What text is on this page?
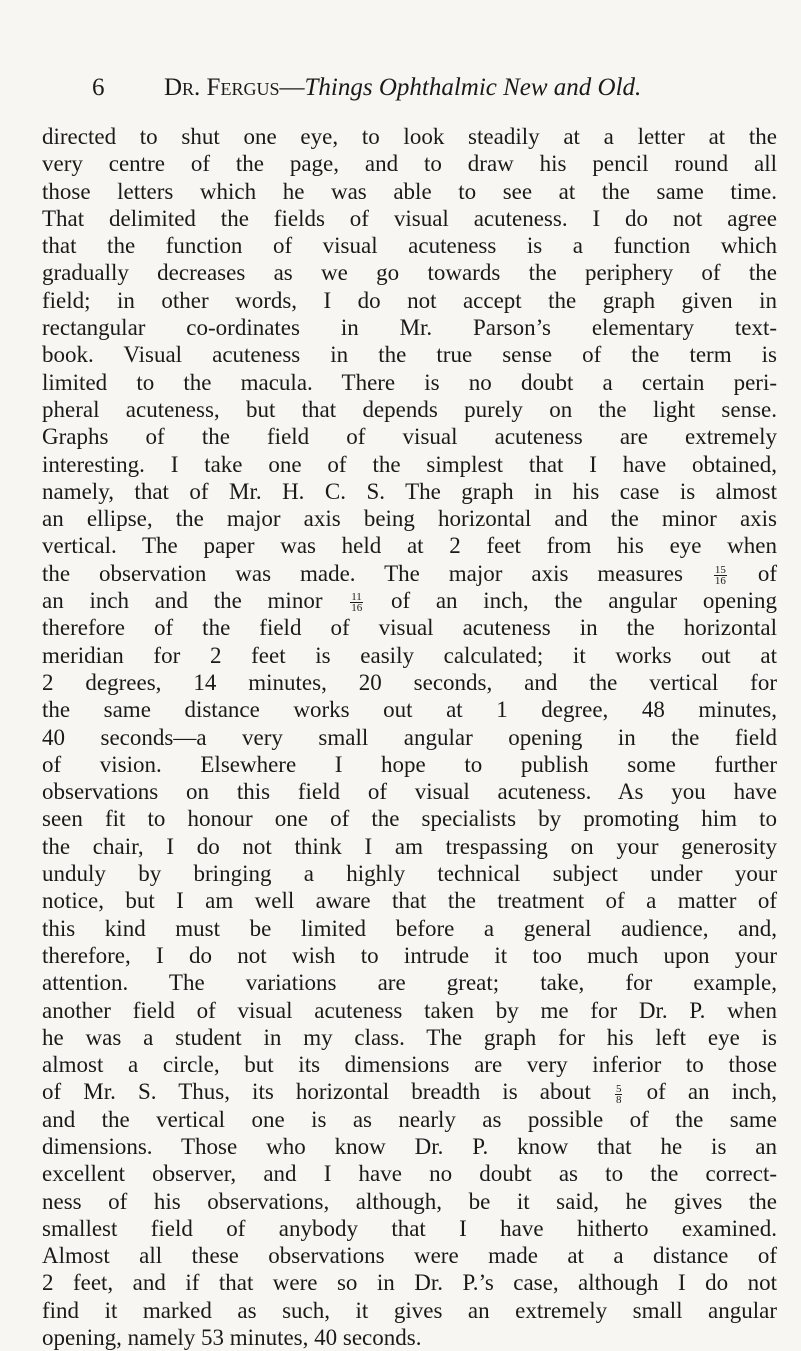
6 Dr. Fergus—Things Ophthalmic New and Old.
directed to shut one eye, to look steadily at a letter at the
very centre of the page, and to draw his pencil round all
those letters which he was able to see at the same time.
That delimited the fields of visual acuteness. I do not agree
that the function of visual acuteness is a function which
gradually decreases as we go towards the periphery of the
field; in other words, I do not accept the graph given in
rectangular co-ordinates in Mr. Parson’s elementary text-
book. Visual acuteness in the true sense of the term is
limited to the macula. There is no doubt a certain peri-
pheral acuteness, but that depends purely on the light sense.
Graphs of the field of visual acuteness are extremely
interesting. I take one of the simplest that I have obtained,
namely, that of Mr. H. C. S. The graph in his case is almost
an ellipse, the major axis being horizontal and the minor axis
vertical. The paper was held at 2 feet from his eye when
the observation was made. The major axis measures	$\frac{15}{16}$ of
an inch and the minor	$\frac{11}{16}$ of an inch, the angular opening
therefore of the field of visual acuteness in the horizontal
meridian for 2 feet is easily calculated; it works out at
2 degrees, 14 minutes, 20 seconds, and the vertical for
the same distance works out at 1 degree, 48 minutes,
40 seconds—a very small angular opening in the field
of vision. Elsewhere I hope to publish some further
observations on this field of visual acuteness. As you have
seen fit to honour one of the specialists by promoting him to
the chair, I do not think I am trespassing on your generosity
unduly by bringing a highly technical subject under your
notice, but I am well aware that the treatment of a matter of
this kind must be limited before a general audience, and,
therefore, I do not wish to intrude it too much upon your
attention. The variations are great; take, for example,
another field of visual acuteness taken by me for Dr. P. when
he was a student in my class. The graph for his left eye is
almost a circle, but its dimensions are very inferior to those
of Mr. S. Thus, its horizontal breadth is about $\frac{5}{8}$ of an inch,
and the vertical one is as nearly as possible of the same
dimensions. Those who know Dr. P. know that he is an
excellent observer, and I have no doubt as to the correct-
ness of his observations, although, be it said, he gives the
smallest field of anybody that I have hitherto examined.
Almost all these observations were made at a distance of
2 feet, and if that were so in Dr. P.’s case, although I do not
find it marked as such, it gives an extremely small angular
opening, namely 53 minutes, 40 seconds.
